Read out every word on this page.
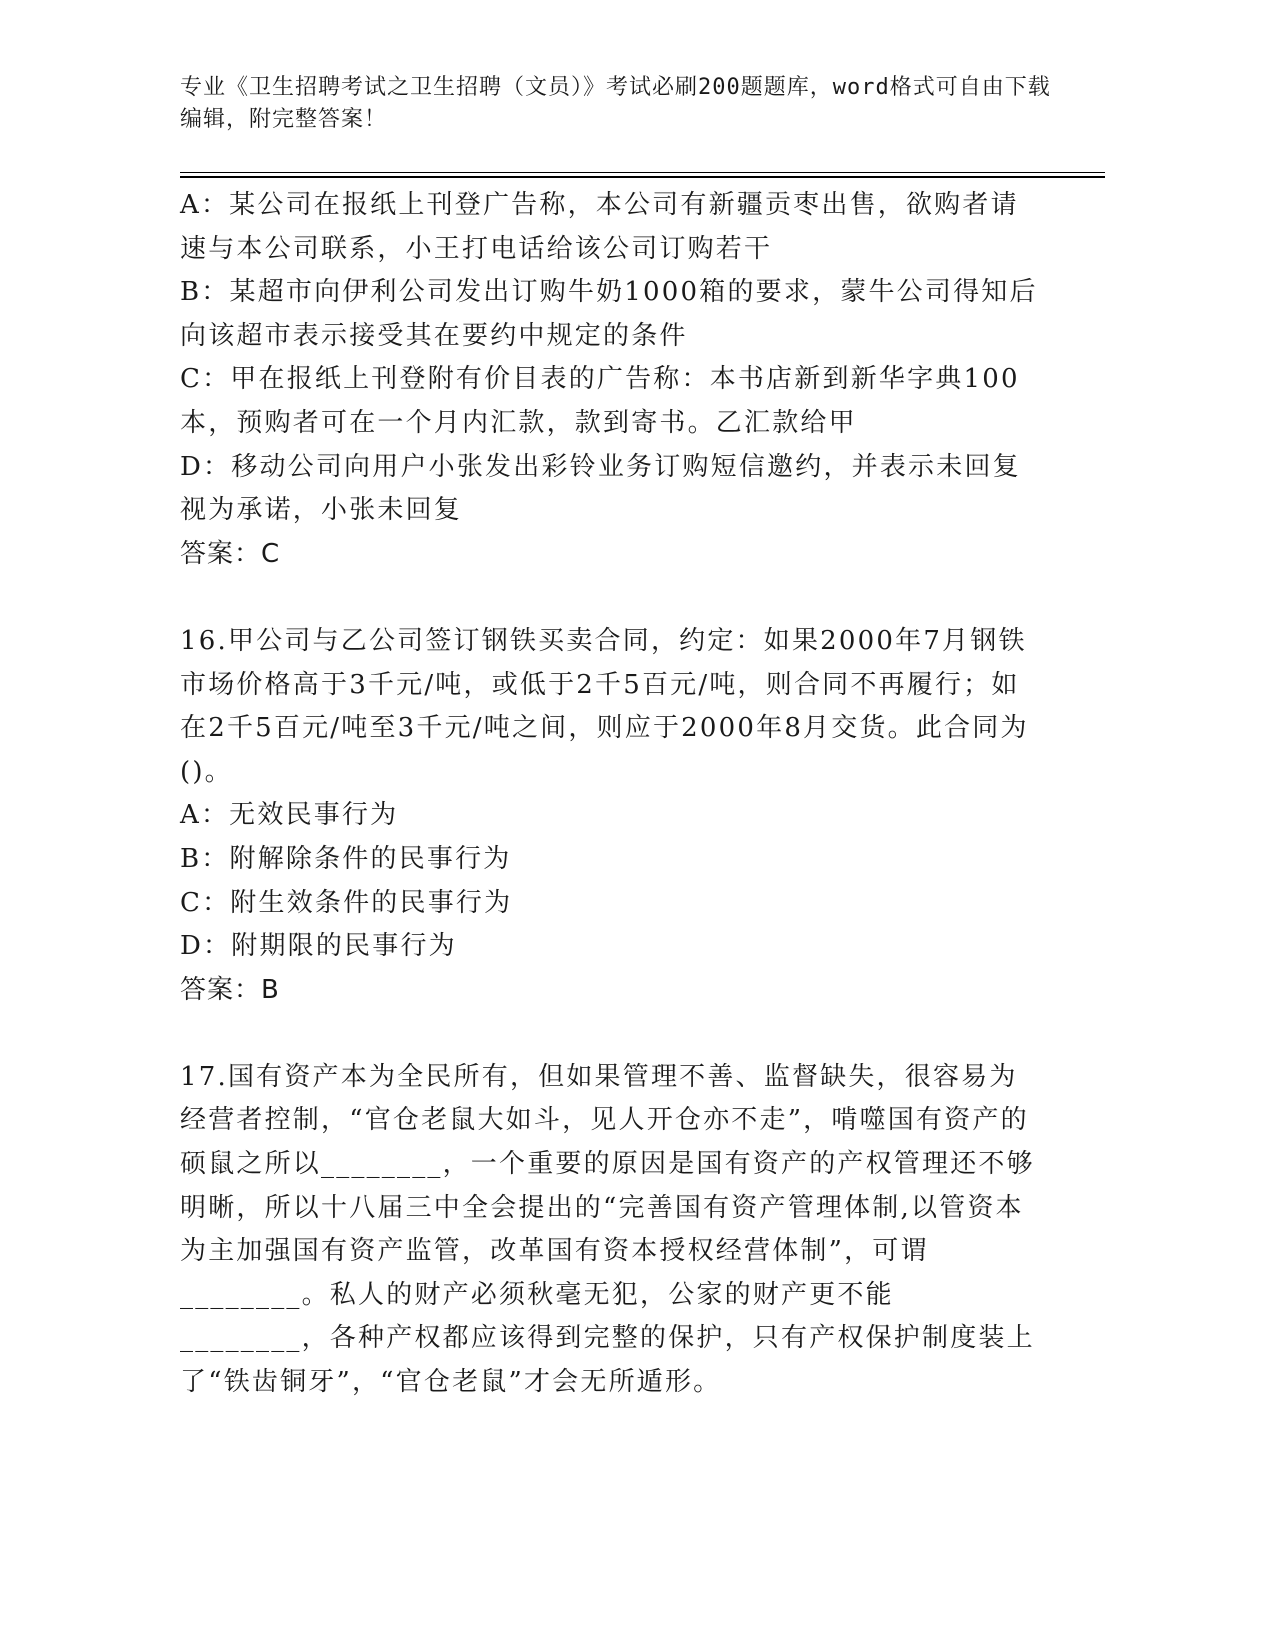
专业《卫生招聘考试之卫生招聘（文员）》考试必刷200题题库，word格式可自由下载编辑，附完整答案！

A：某公司在报纸上刊登广告称，本公司有新疆贡枣出售，欲购者请速与本公司联系，小王打电话给该公司订购若干

B：某超市向伊利公司发出订购牛奶1000箱的要求，蒙牛公司得知后向该超市表示接受其在要约中规定的条件

C：甲在报纸上刊登附有价目表的广告称：本书店新到新华字典100本，预购者可在一个月内汇款，款到寄书。乙汇款给甲

D：移动公司向用户小张发出彩铃业务订购短信邀约，并表示未回复视为承诺，小张未回复

答案：C

16.甲公司与乙公司签订钢铁买卖合同，约定：如果2000年7月钢铁市场价格高于3千元/吨，或低于2千5百元/吨，则合同不再履行；如在2千5百元/吨至3千元/吨之间，则应于2000年8月交货。此合同为()。

A：无效民事行为

B：附解除条件的民事行为

C：附生效条件的民事行为

D：附期限的民事行为

答案：B

17.国有资产本为全民所有，但如果管理不善、监督缺失，很容易为经营者控制，“官仓老鼠大如斗，见人开仓亦不走”，啃噬国有资产的硕鼠之所以________，一个重要的原因是国有资产的产权管理还不够明晰，所以十八届三中全会提出的“完善国有资产管理体制,以管资本为主加强国有资产监管，改革国有资本授权经营体制”，可谓________。私人的财产必须秋毫无犯，公家的财产更不能________，各种产权都应该得到完整的保护，只有产权保护制度装上了“铁齿铜牙”，“官仓老鼠”才会无所遁形。
